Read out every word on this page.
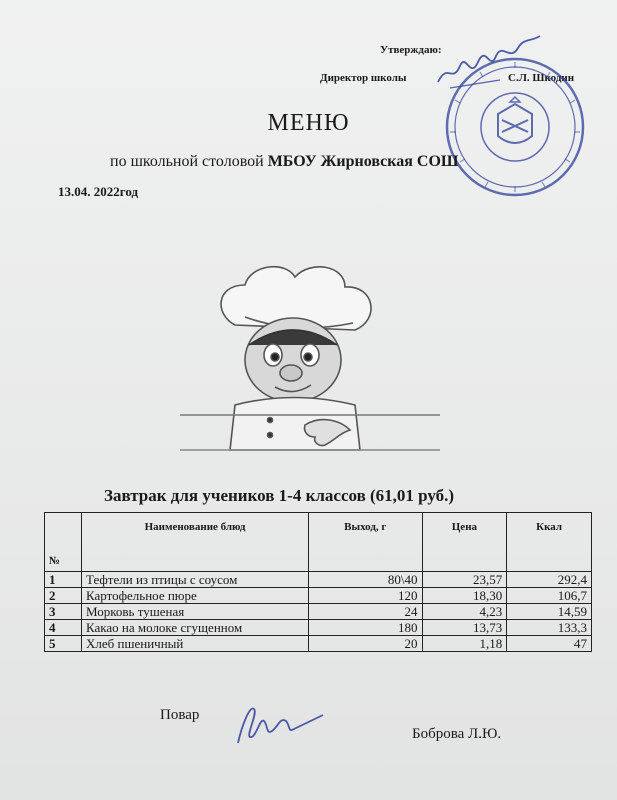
Утверждаю:
Директор школы	С.Л. Шкодин
МЕНЮ
по школьной столовой МБОУ Жирновская СОШ
13.04. 2022год
Завтрак для учеников 1-4 классов (61,01 руб.)
№	Наименование блюд	Выход, г	Цена	Ккал
1	Тефтели из птицы с соусом	80\40	23,57	292,4
2	Картофельное пюре	120	18,30	106,7
3	Морковь тушеная	24	4,23	14,59
4	Какао на молоке сгущенном	180	13,73	133,3
5	Хлеб пшеничный	20	1,18	47
Повар
Боброва Л.Ю.
